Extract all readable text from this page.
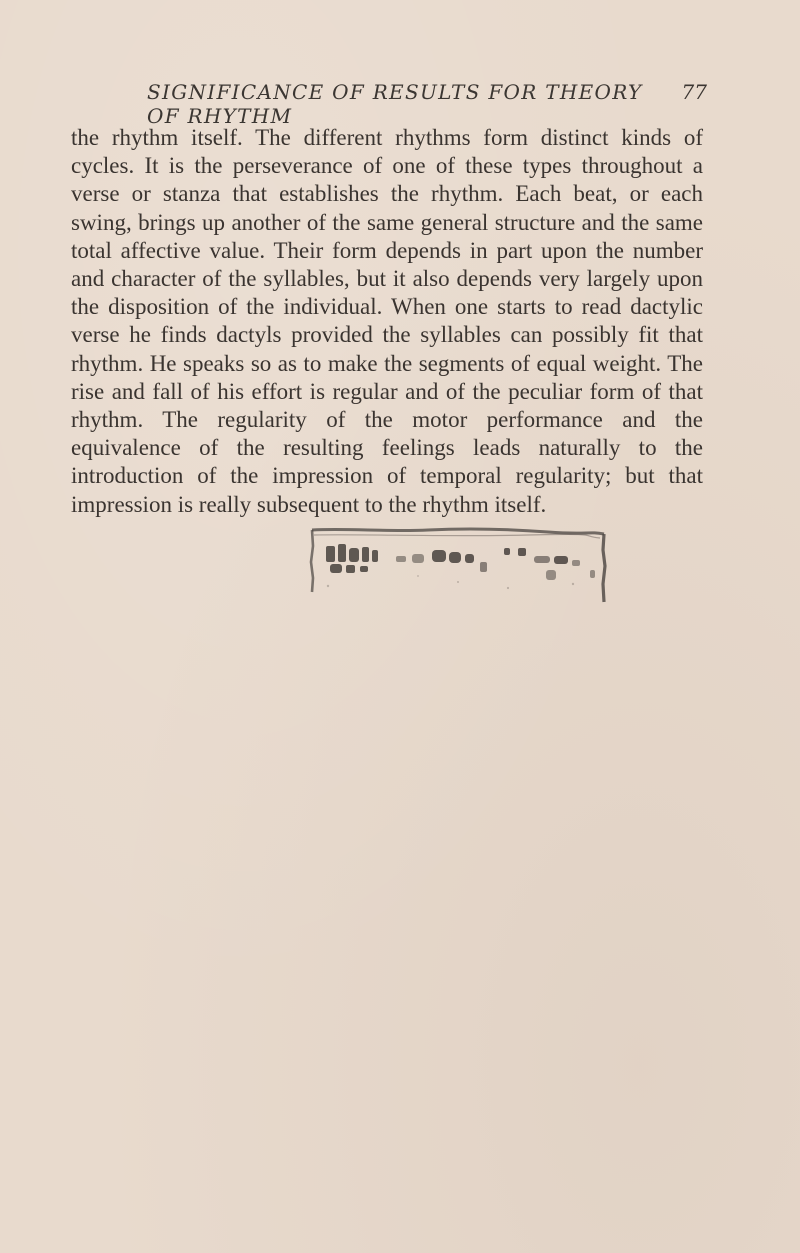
SIGNIFICANCE OF RESULTS FOR THEORY OF RHYTHM
77

the rhythm itself. The different rhythms form distinct kinds of cycles. It is the perseverance of one of these types throughout a verse or stanza that establishes the rhythm. Each beat, or each swing, brings up another of the same general structure and the same total affective value. Their form depends in part upon the number and character of the syllables, but it also depends very largely upon the disposition of the individual. When one starts to read dactylic verse he finds dactyls provided the syllables can possibly fit that rhythm. He speaks so as to make the segments of equal weight. The rise and fall of his effort is regular and of the peculiar form of that rhythm. The regularity of the motor performance and the equivalence of the resulting feelings leads naturally to the introduction of the impression of temporal regularity; but that impression is really subsequent to the rhythm itself.
